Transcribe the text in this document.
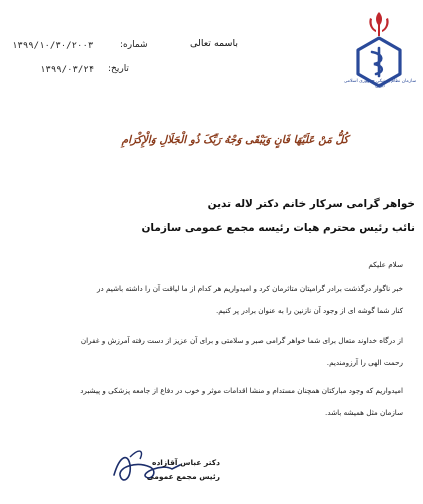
سازمان نظام پزشکی جمهوری اسلامی ایران
باسمه تعالی
شماره:
۱۳۹۹/۱۰/۳۰/۲۰۰۳
تاریخ:
۱۳۹۹/۰۳/۲۴
کُلُّ مَنْ عَلَیْهَا فَانٍ وَیَبْقَی وَجْهُ رَبِّکَ ذُو الْجَلَالِ وَالْإِکْرَامِ
خواهر گرامی سرکار خانم دکتر لاله تدین
نائب رئیس محترم هیات رئیسه مجمع عمومی سازمان
سلام علیکم
خبر ناگوار درگذشت برادر گرامیتان متاثرمان کرد و امیدواریم هر کدام از ما لیاقت آن را داشته باشیم در
کنار شما گوشه ای از وجود آن نازنین را به عنوان برادر پر کنیم.
از درگاه خداوند متعال برای شما خواهر گرامی صبر و سلامتی و برای آن عزیز از دست رفته آمرزش و غفران
رحمت الهی را آرزومندیم.
امیدواریم که وجود مبارکتان همچنان مستدام و منشا اقدامات موثر و خوب در دفاع از جامعه پزشکی و پیشبرد
سازمان مثل همیشه باشد.
دکتر عباس آقازاده
رئیس مجمع عمومی
